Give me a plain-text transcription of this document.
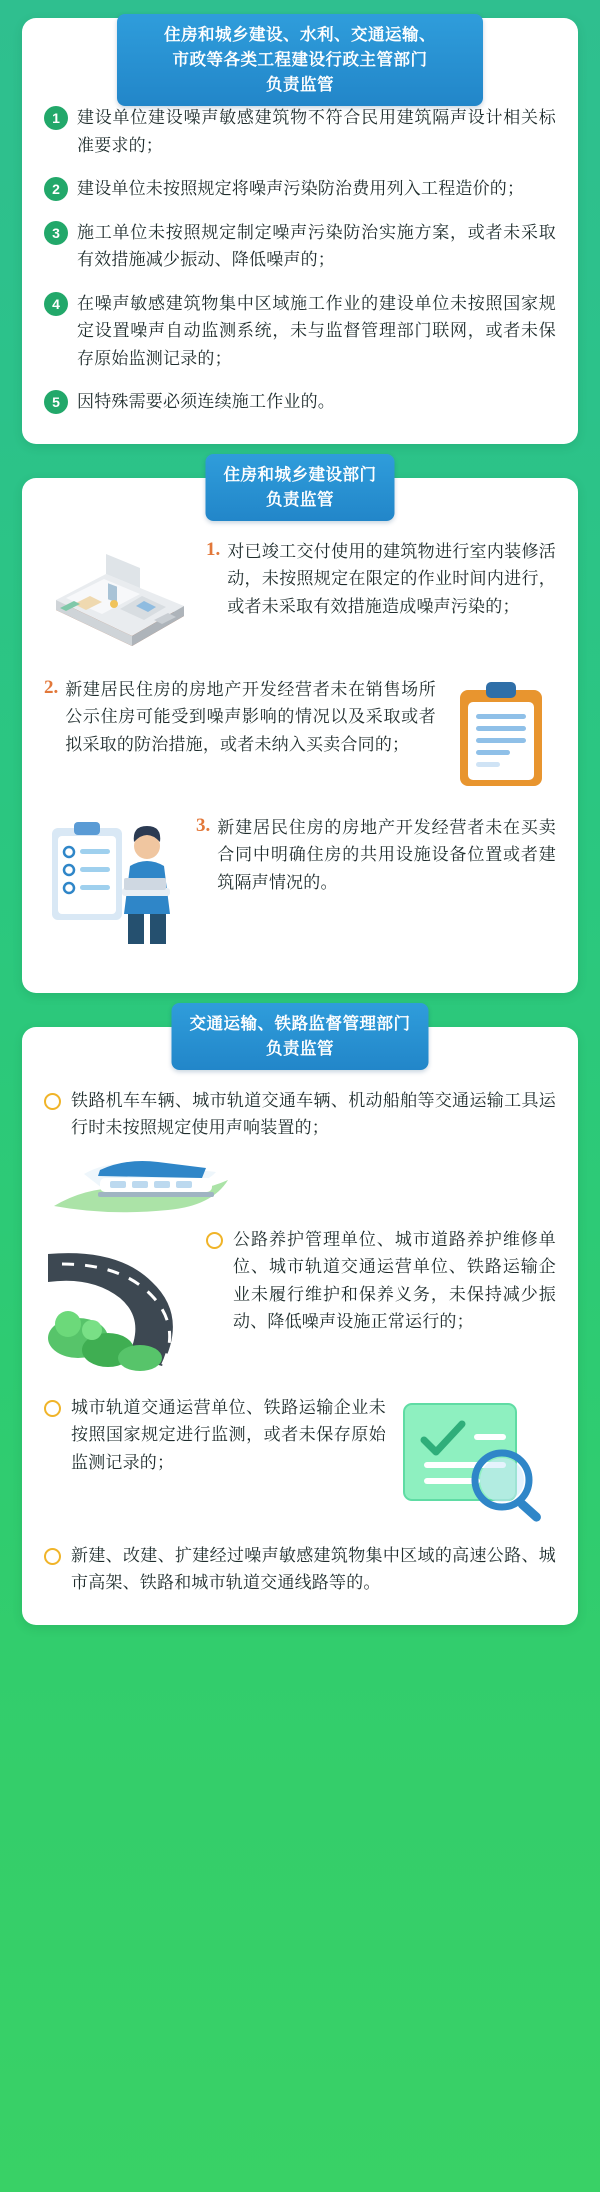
住房和城乡建设、水利、交通运输、
市政等各类工程建设行政主管部门
负责监管
1	建设单位建设噪声敏感建筑物不符合民用建筑隔声设计相关标准要求的；
2	建设单位未按照规定将噪声污染防治费用列入工程造价的；
3	施工单位未按照规定制定噪声污染防治实施方案，或者未采取有效措施减少振动、降低噪声的；
4	在噪声敏感建筑物集中区域施工作业的建设单位未按照国家规定设置噪声自动监测系统，未与监督管理部门联网，或者未保存原始监测记录的；
5	因特殊需要必须连续施工作业的。
住房和城乡建设部门
负责监管
1. 对已竣工交付使用的建筑物进行室内装修活动，未按照规定在限定的作业时间内进行，或者未采取有效措施造成噪声污染的；
2. 新建居民住房的房地产开发经营者未在销售场所公示住房可能受到噪声影响的情况以及采取或者拟采取的防治措施，或者未纳入买卖合同的；
3. 新建居民住房的房地产开发经营者未在买卖合同中明确住房的共用设施设备位置或者建筑隔声情况的。
交通运输、铁路监督管理部门
负责监管
铁路机车车辆、城市轨道交通车辆、机动船舶等交通运输工具运行时未按照规定使用声响装置的；
公路养护管理单位、城市道路养护维修单位、城市轨道交通运营单位、铁路运输企业未履行维护和保养义务，未保持减少振动、降低噪声设施正常运行的；
城市轨道交通运营单位、铁路运输企业未按照国家规定进行监测，或者未保存原始监测记录的；
新建、改建、扩建经过噪声敏感建筑物集中区域的高速公路、城市高架、铁路和城市轨道交通线路等的。
